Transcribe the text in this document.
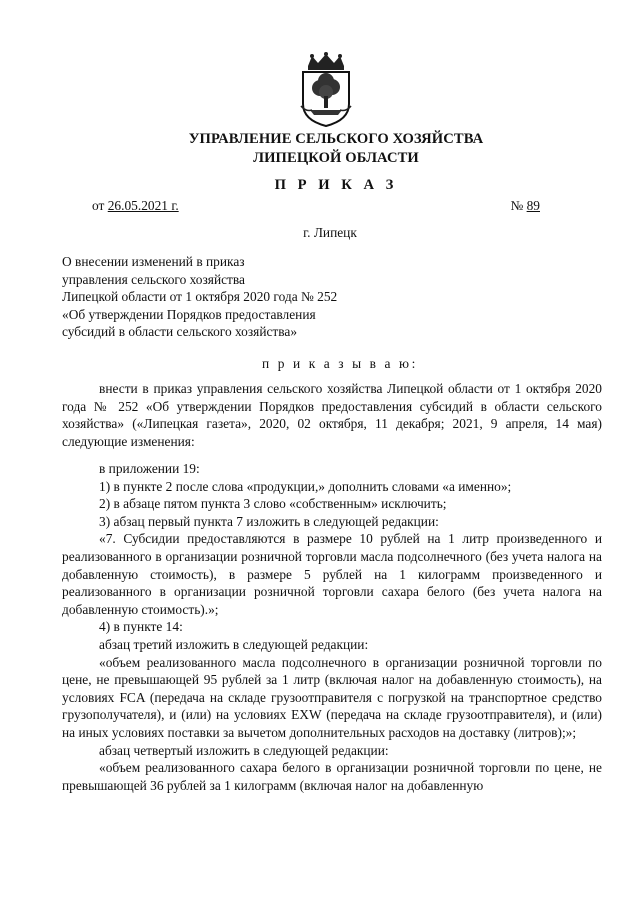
УПРАВЛЕНИЕ СЕЛЬСКОГО ХОЗЯЙСТВА
ЛИПЕЦКОЙ ОБЛАСТИ
П Р И К А З
от 26.05.2021 г.	№ 89
г. Липецк
О внесении изменений в приказ
управления сельского хозяйства
Липецкой области от 1 октября 2020 года № 252
«Об утверждении Порядков предоставления
субсидий в области сельского хозяйства»
п р и к а з ы в а ю:
внести в приказ управления сельского хозяйства Липецкой области от 1 октября 2020 года № 252 «Об утверждении Порядков предоставления субсидий в области сельского хозяйства» («Липецкая газета», 2020, 02 октября, 11 декабря; 2021, 9 апреля, 14 мая) следующие изменения:
в приложении 19:
1) в пункте 2 после слова «продукции,» дополнить словами «а именно»;
2) в абзаце пятом пункта 3 слово «собственным» исключить;
3) абзац первый пункта 7 изложить в следующей редакции:
«7. Субсидии предоставляются в размере 10 рублей на 1 литр произведенного и реализованного в организации розничной торговли масла подсолнечного (без учета налога на добавленную стоимость), в размере 5 рублей на 1 килограмм произведенного и реализованного в организации розничной торговли сахара белого (без учета налога на добавленную стоимость).»;
4) в пункте 14:
абзац третий изложить в следующей редакции:
«объем реализованного масла подсолнечного в организации розничной торговли по цене, не превышающей 95 рублей за 1 литр (включая налог на добавленную стоимость), на условиях FCA (передача на складе грузоотправителя с погрузкой на транспортное средство грузополучателя), и (или) на условиях EXW (передача на складе грузоотправителя), и (или) на иных условиях поставки за вычетом дополнительных расходов на доставку (литров);»;
абзац четвертый изложить в следующей редакции:
«объем реализованного сахара белого в организации розничной торговли по цене, не превышающей 36 рублей за 1 килограмм (включая налог на добавленную
